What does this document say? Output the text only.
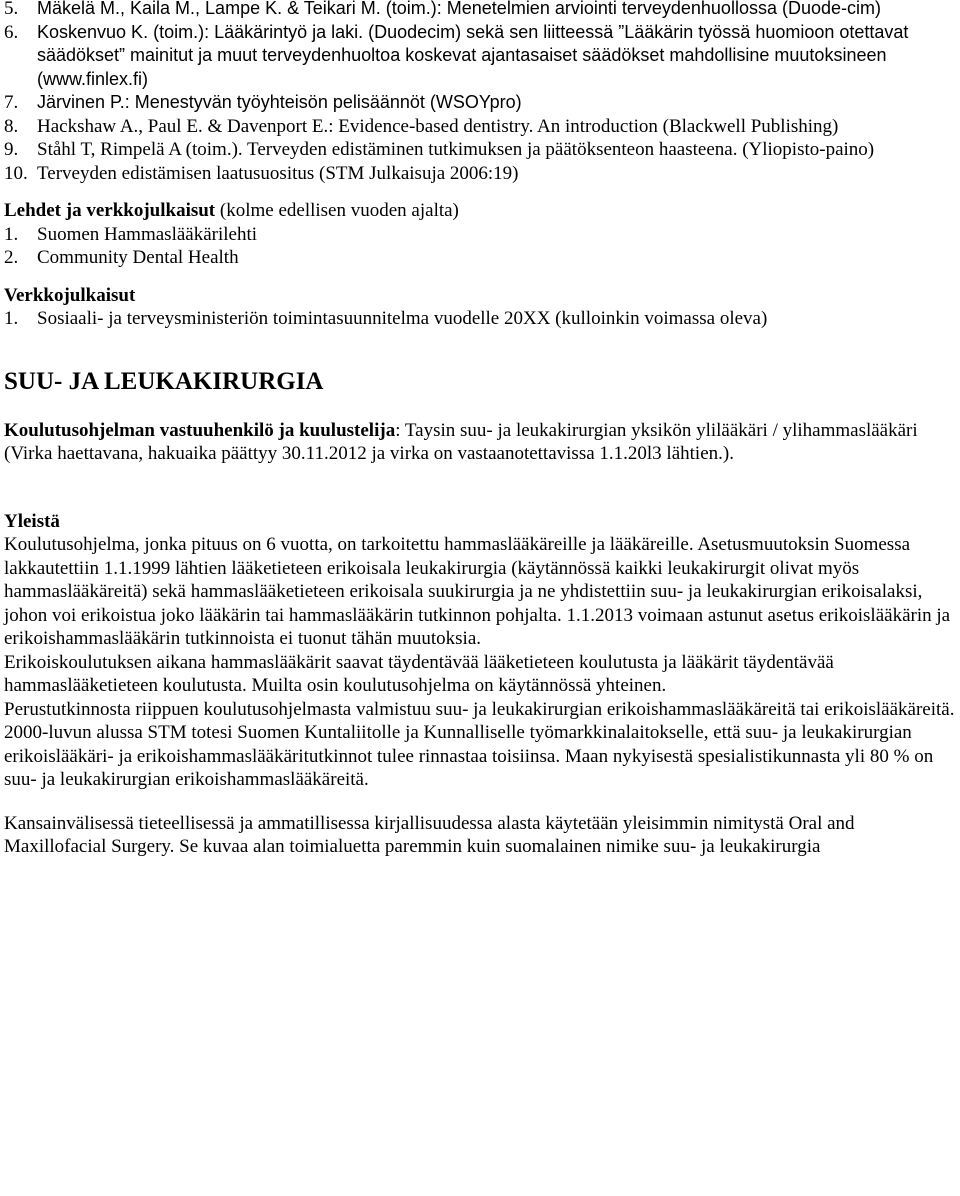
5. Mäkelä M., Kaila M., Lampe K. & Teikari M. (toim.): Menetelmien arviointi terveydenhuollossa (Duode-cim)
6. Koskenvuo K. (toim.): Lääkärintyö ja laki. (Duodecim) sekä sen liitteessä ”Lääkärin työssä huomioon otettavat säädökset” mainitut ja muut terveydenhuoltoa koskevat ajantasaiset säädökset mahdollisine muutoksineen (www.finlex.fi)
7. Järvinen P.: Menestyvän työyhteisön pelisäännöt (WSOYpro)
8. Hackshaw A., Paul E. & Davenport E.: Evidence-based dentistry. An introduction (Blackwell Publishing)
9. Ståhl T, Rimpelä A (toim.). Terveyden edistäminen tutkimuksen ja päätöksenteon haasteena. (Yliopisto-paino)
10. Terveyden edistämisen laatusuositus (STM Julkaisuja 2006:19)

Lehdet ja verkkojulkaisut (kolme edellisen vuoden ajalta)

1. Suomen Hammaslääkärilehti
2. Community Dental Health

Verkkojulkaisut

1. Sosiaali- ja terveysministeriön toimintasuunnitelma vuodelle 20XX (kulloinkin voimassa oleva)
SUU- JA LEUKAKIRURGIA

Koulutusohjelman vastuuhenkilö ja kuulustelija: Taysin suu- ja leukakirurgian yksikön ylilääkäri / ylihammaslääkäri (Virka haettavana, hakuaika päättyy 30.11.2012 ja virka on vastaanotettavissa 1.1.20l3 lähtien.).

Yleistä

Koulutusohjelma, jonka pituus on 6 vuotta, on tarkoitettu hammaslääkäreille ja lääkäreille. Asetusmuutoksin Suomessa lakkautettiin 1.1.1999 lähtien lääketieteen erikoisala leukakirurgia (käytännössä kaikki leukakirurgit olivat myös hammaslääkäreitä) sekä hammaslääketieteen erikoisala suukirurgia ja ne yhdistettiin suu- ja leukakirurgian erikoisalaksi, johon voi erikoistua joko lääkärin tai hammaslääkärin tutkinnon pohjalta. 1.1.2013 voimaan astunut asetus erikoislääkärin ja erikoishammaslääkärin tutkinnoista ei tuonut tähän muutoksia.

Erikoiskoulutuksen aikana hammaslääkärit saavat täydentävää lääketieteen koulutusta ja lääkärit täydentävää hammaslääketieteen koulutusta. Muilta osin koulutusohjelma on käytännössä yhteinen.

Perustutkinnosta riippuen koulutusohjelmasta valmistuu suu- ja leukakirurgian erikoishammaslääkäreitä tai erikoislääkäreitä. 2000-luvun alussa STM totesi Suomen Kuntaliitolle ja Kunnalliselle työmarkkinalaitokselle, että suu- ja leukakirurgian erikoislääkäri- ja erikoishammaslääkäritutkinnot tulee rinnastaa toisiinsa. Maan nykyisestä spesialistikunnasta yli 80 % on suu- ja leukakirurgian erikoishammaslääkäreitä.

Kansainvälisessä tieteellisessä ja ammatillisessa kirjallisuudessa alasta käytetään yleisimmin nimitystä Oral and Maxillofacial Surgery. Se kuvaa alan toimialuetta paremmin kuin suomalainen nimike suu- ja leukakirurgia
